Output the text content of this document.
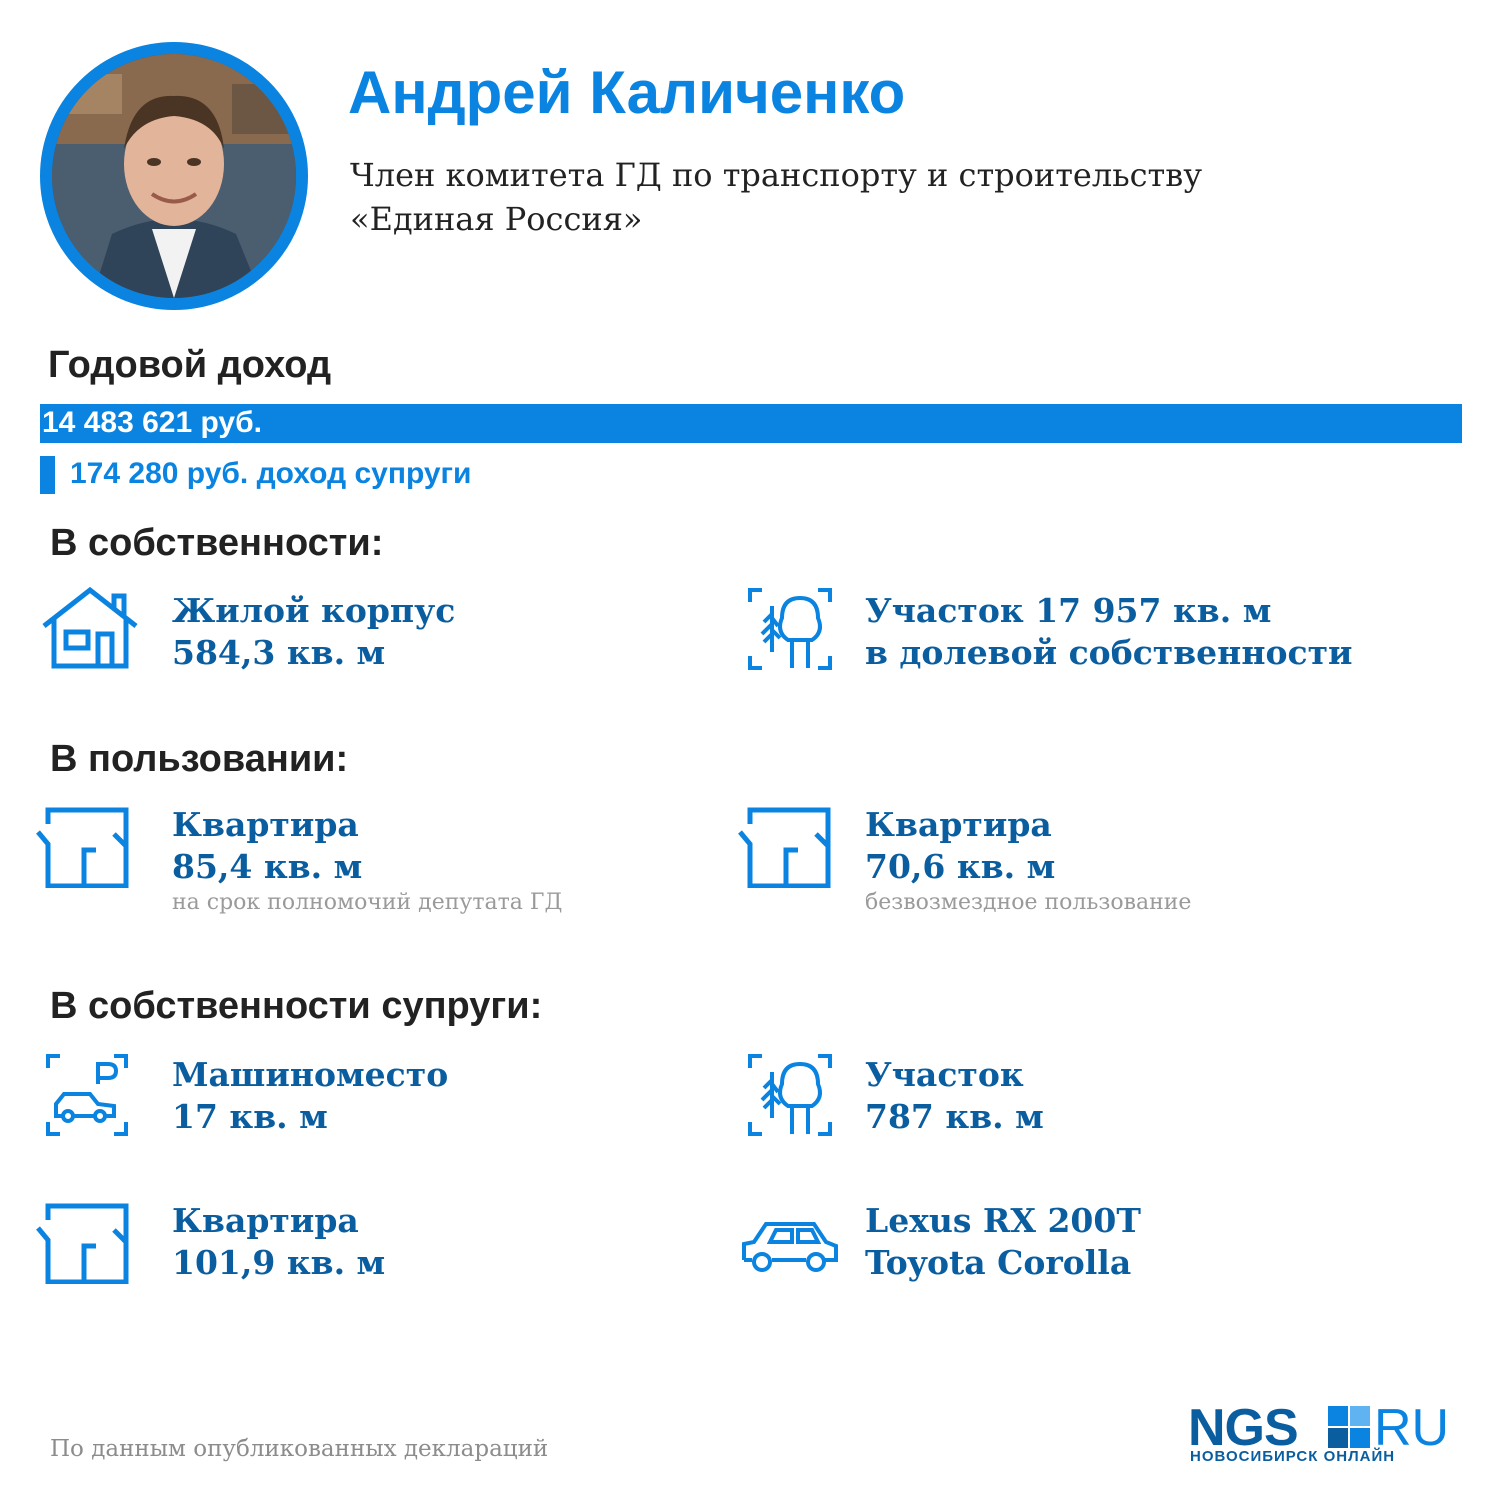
Андрей Каличенко
Член комитета ГД по транспорту и строительству
«Единая Россия»
Годовой доход
14 483 621 руб.
174 280 руб. доход супруги
В собственности:
Жилой корпус
584,3 кв. м
Участок 17 957 кв. м
в долевой собственности
В пользовании:
Квартира
85,4 кв. м
на срок полномочий депутата ГД
Квартира
70,6 кв. м
безвозмездное пользование
В собственности супруги:
Машиноместо
17 кв. м
Участок
787 кв. м
Квартира
101,9 кв. м
Lexus RX 200T
Toyota Corolla
По данным опубликованных деклараций	NGS RU
НОВОСИБИРСК ОНЛАЙН
